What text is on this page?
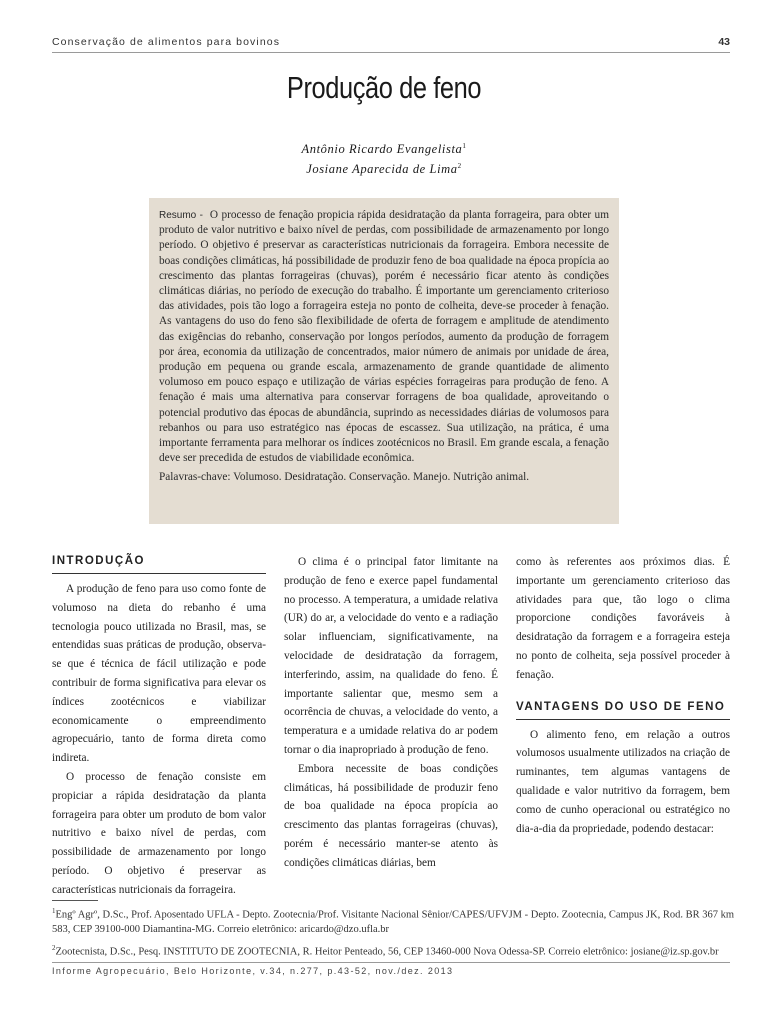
Conservação de alimentos para bovinos	43
Produção de feno
Antônio Ricardo Evangelista$^1$
Josiane Aparecida de Lima$^2$

Resumo - O processo de fenação propicia rápida desidratação da planta forrageira, para obter um produto de valor nutritivo e baixo nível de perdas, com possibilidade de armazenamento por longo período. O objetivo é preservar as características nutricionais da forrageira. Embora necessite de boas condições climáticas, há possibilidade de produzir feno de boa qualidade na época propícia ao crescimento das plantas forrageiras (chuvas), porém é necessário ficar atento às condições climáticas diárias, no período de execução do trabalho. É importante um gerenciamento criterioso das atividades, pois tão logo a forrageira esteja no ponto de colheita, deve-se proceder à fenação. As vantagens do uso do feno são flexibilidade de oferta de forragem e amplitude de atendimento das exigências do rebanho, conservação por longos períodos, aumento da produção de forragem por área, economia da utilização de concentrados, maior número de animais por unidade de área, produção em pequena ou grande escala, armazenamento de grande quantidade de alimento volumoso em pouco espaço e utilização de várias espécies forrageiras para produção de feno. A fenação é mais uma alternativa para conservar forragens de boa qualidade, aproveitando o potencial produtivo das épocas de abundância, suprindo as necessidades diárias de volumosos para rebanhos ou para uso estratégico nas épocas de escassez. Sua utilização, na prática, é uma importante ferramenta para melhorar os índices zootécnicos no Brasil. Em grande escala, a fenação deve ser precedida de estudos de viabilidade econômica.

Palavras-chave: Volumoso. Desidratação. Conservação. Manejo. Nutrição animal.

INTRODUÇÃO

A produção de feno para uso como fonte de volumoso na dieta do rebanho é uma tecnologia pouco utilizada no Brasil, mas, se entendidas suas práticas de produção, observa-se que é técnica de fácil utilização e pode contribuir de forma significativa para elevar os índices zootécnicos e viabilizar economicamente o empreendimento agropecuário, tanto de forma direta como indireta.

O processo de fenação consiste em propiciar a rápida desidratação da planta forrageira para obter um produto de bom valor nutritivo e baixo nível de perdas, com possibilidade de armazenamento por longo período. O objetivo é preservar as características nutricionais da forrageira.

O clima é o principal fator limitante na produção de feno e exerce papel fundamental no processo. A temperatura, a umidade relativa (UR) do ar, a velocidade do vento e a radiação solar influenciam, significativamente, na velocidade de desidratação da forragem, interferindo, assim, na qualidade do feno. É importante salientar que, mesmo sem a ocorrência de chuvas, a velocidade do vento, a temperatura e a umidade relativa do ar podem tornar o dia inapropriado à produção de feno.

Embora necessite de boas condições climáticas, há possibilidade de produzir feno de boa qualidade na época propícia ao crescimento das plantas forrageiras (chuvas), porém é necessário manter-se atento às condições climáticas diárias, bem

como às referentes aos próximos dias. É importante um gerenciamento criterioso das atividades para que, tão logo o clima proporcione condições favoráveis à desidratação da forragem e a forrageira esteja no ponto de colheita, seja possível proceder à fenação.

VANTAGENS DO USO DE FENO

O alimento feno, em relação a outros volumosos usualmente utilizados na criação de ruminantes, tem algumas vantagens de qualidade e valor nutritivo da forragem, bem como de cunho operacional ou estratégico no dia-a-dia da propriedade, podendo destacar:

$^1$Engº Agrº, D.Sc., Prof. Aposentado UFLA - Depto. Zootecnia/Prof. Visitante Nacional Sênior/CAPES/UFVJM - Depto. Zootecnia, Campus JK, Rod. BR 367 km 583, CEP 39100-000 Diamantina-MG. Correio eletrônico: aricardo@dzo.ufla.br

$^2$Zootecnista, D.Sc., Pesq. INSTITUTO DE ZOOTECNIA, R. Heitor Penteado, 56, CEP 13460-000 Nova Odessa-SP. Correio eletrônico: josiane@iz.sp.gov.br

Informe Agropecuário, Belo Horizonte, v.34, n.277, p.43-52, nov./dez. 2013
